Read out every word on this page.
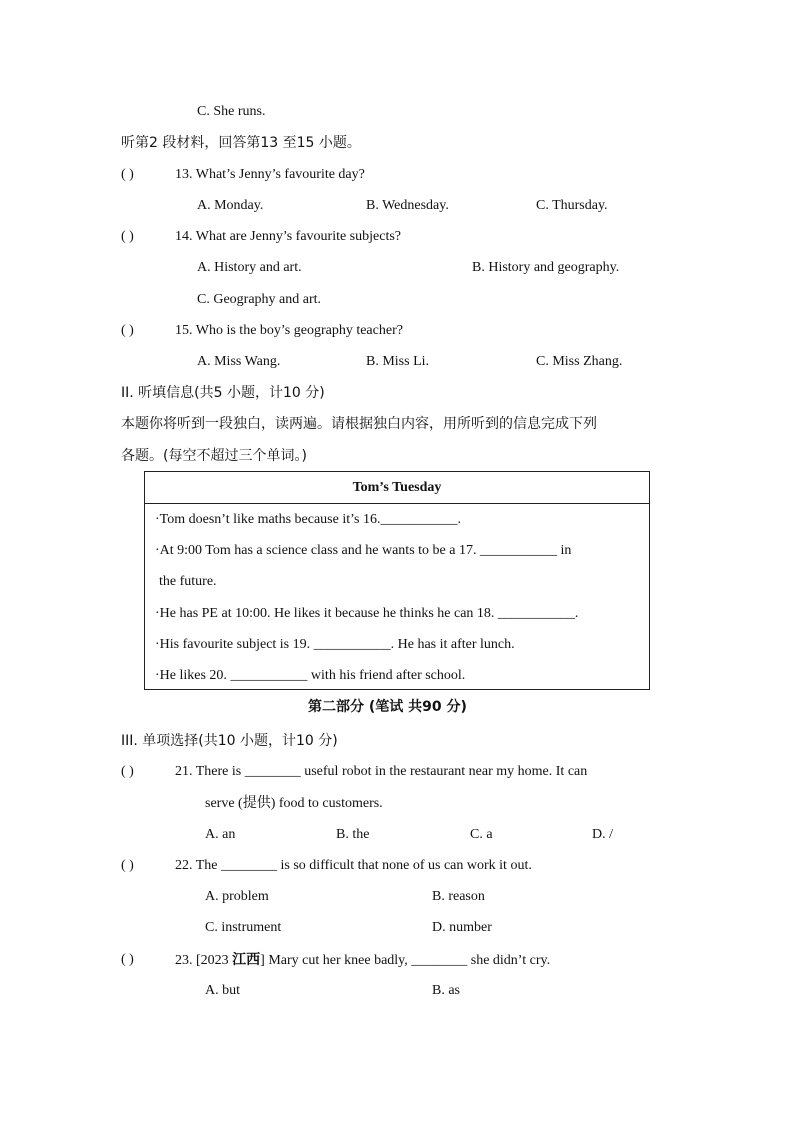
C. She runs.
听第2 段材料，回答第13 至15 小题。
( )	13. What’s Jenny’s favourite day?
A. Monday.	B. Wednesday.	C. Thursday.
( )	14. What are Jenny’s favourite subjects?
A. History and art.	B. History and geography.
C. Geography and art.
( )	15. Who is the boy’s geography teacher?
A. Miss Wang.	B. Miss Li.	C. Miss Zhang.
II. 听填信息(共5 小题，计10 分)
本题你将听到一段独白，读两遍。请根据独白内容，用所听到的信息完成下列
各题。(每空不超过三个单词。)
Tom’s Tuesday
·Tom doesn’t like maths because it’s 16.___________.
·At 9:00 Tom has a science class and he wants to be a 17. ___________ in
the future.
·He has PE at 10:00. He likes it because he thinks he can 18. ___________.
·His favourite subject is 19. ___________. He has it after lunch.
·He likes 20. ___________ with his friend after school.
第二部分 (笔试 共90 分)
III. 单项选择(共10 小题，计10 分)
( )	21. There is ________ useful robot in the restaurant near my home. It can
serve (提供) food to customers.
A. an	B. the	C. a	D. /
( )	22. The ________ is so difficult that none of us can work it out.
A. problem	B. reason
C. instrument	D. number
( )	23. [2023 江西] Mary cut her knee badly, ________ she didn’t cry.
A. but	B. as
